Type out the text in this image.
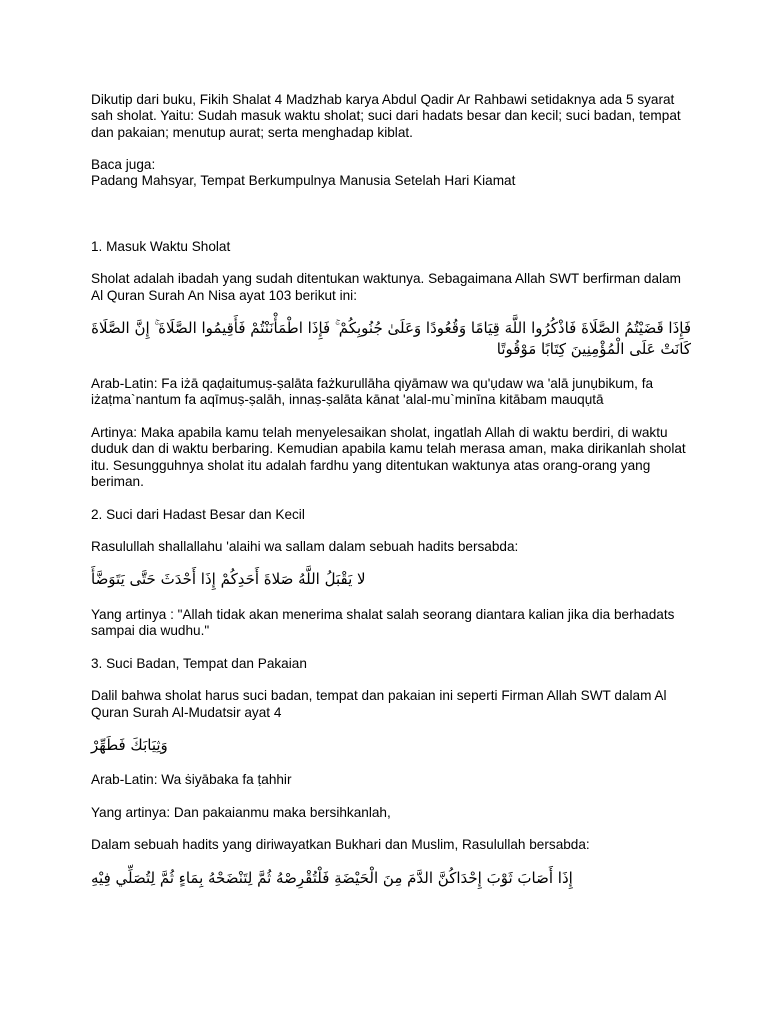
Dikutip dari buku, Fikih Shalat 4 Madzhab karya Abdul Qadir Ar Rahbawi setidaknya ada 5 syarat sah sholat. Yaitu: Sudah masuk waktu sholat; suci dari hadats besar dan kecil; suci badan, tempat dan pakaian; menutup aurat; serta menghadap kiblat.

Baca juga:

Padang Mahsyar, Tempat Berkumpulnya Manusia Setelah Hari Kiamat

1. Masuk Waktu Sholat

Sholat adalah ibadah yang sudah ditentukan waktunya. Sebagaimana Allah SWT berfirman dalam Al Quran Surah An Nisa ayat 103 berikut ini:

فَإِذَا قَضَيْتُمُ الصَّلَاةَ فَاذْكُرُوا اللَّهَ قِيَامًا وَقُعُودًا وَعَلَىٰ جُنُوبِكُمْ ۚ فَإِذَا اطْمَأْنَنْتُمْ فَأَقِيمُوا الصَّلَاةَ ۚ إِنَّ الصَّلَاةَ كَانَتْ عَلَى الْمُؤْمِنِينَ كِتَابًا مَوْقُوتًا

Arab-Latin: Fa iżā qaḍaitumuṣ-ṣalāta fażkurullāha qiyāmaw wa qu'ụdaw wa 'alā junụbikum, fa iżaṭma`nantum fa aqīmuṣ-ṣalāh, innaṣ-ṣalāta kānat 'alal-mu`minīna kitābam mauqụtā

Artinya: Maka apabila kamu telah menyelesaikan sholat, ingatlah Allah di waktu berdiri, di waktu duduk dan di waktu berbaring. Kemudian apabila kamu telah merasa aman, maka dirikanlah sholat itu. Sesungguhnya sholat itu adalah fardhu yang ditentukan waktunya atas orang-orang yang beriman.

2. Suci dari Hadast Besar dan Kecil

Rasulullah shallallahu 'alaihi wa sallam dalam sebuah hadits bersabda:

لا يَقْبَلُ اللَّهُ صَلاةَ أَحَدِكُمْ إِذَا أَحْدَثَ حَتَّى يَتَوَضَّأَ

Yang artinya : "Allah tidak akan menerima shalat salah seorang diantara kalian jika dia berhadats sampai dia wudhu."

3. Suci Badan, Tempat dan Pakaian

Dalil bahwa sholat harus suci badan, tempat dan pakaian ini seperti Firman Allah SWT dalam Al Quran Surah Al-Mudatsir ayat 4

وَثِيَابَكَ فَطَهِّرْ

Arab-Latin: Wa ṡiyābaka fa ṭahhir

Yang artinya: Dan pakaianmu maka bersihkanlah,

Dalam sebuah hadits yang diriwayatkan Bukhari dan Muslim, Rasulullah bersabda:

إِذَا أَصَابَ ثَوْبَ إِحْدَاكُنَّ الدَّمَ مِنَ الْحَيْضَةِ فَلْتُقْرِصْهُ ثُمَّ لِتَنْضَحْهُ بِمَاءٍ ثُمَّ لِتُصَلِّي فِيْهِ
